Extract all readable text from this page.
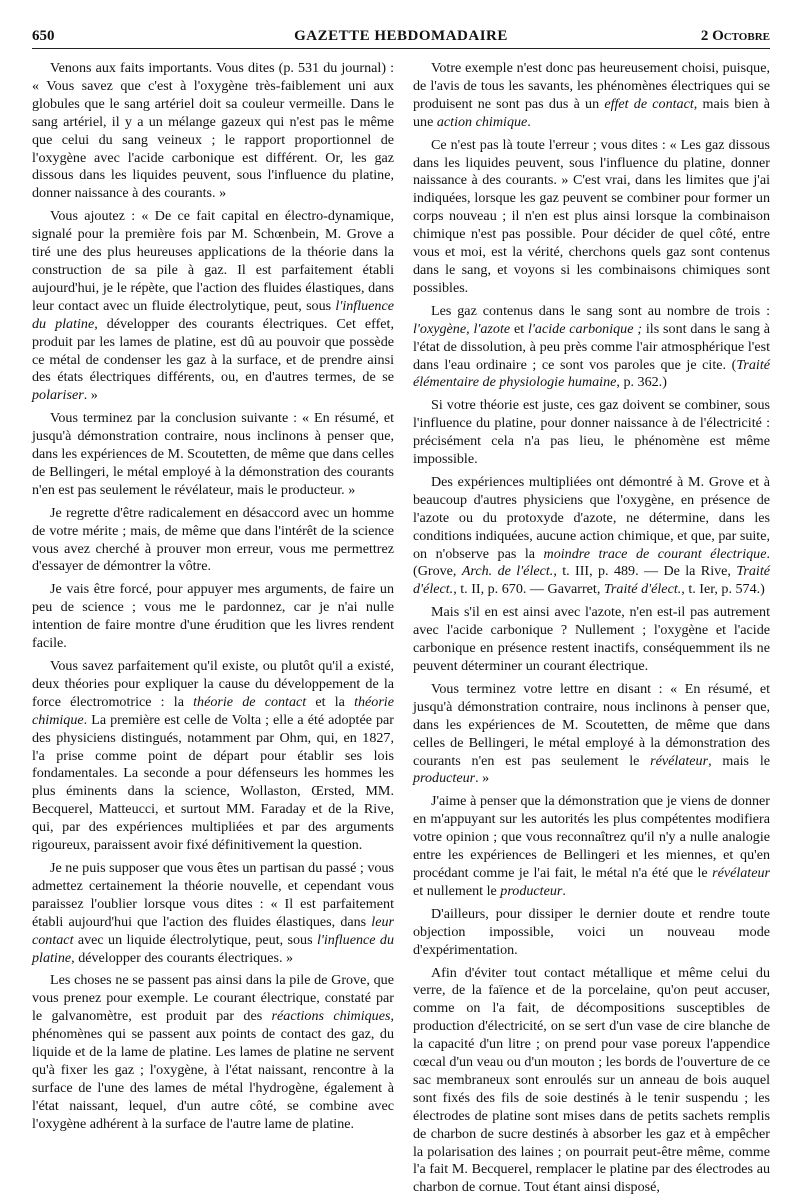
650	GAZETTE HEBDOMADAIRE	2 Octobre

Venons aux faits importants. Vous dites (p. 531 du journal) : « Vous savez que c'est à l'oxygène très-faiblement uni aux globules que le sang artériel doit sa couleur vermeille. Dans le sang artériel, il y a un mélange gazeux qui n'est pas le même que celui du sang veineux ; le rapport proportionnel de l'oxygène avec l'acide carbonique est différent. Or, les gaz dissous dans les liquides peuvent, sous l'influence du platine, donner naissance à des courants. »

Vous ajoutez : « De ce fait capital en électro-dynamique, signalé pour la première fois par M. Schœnbein, M. Grove a tiré une des plus heureuses applications de la théorie dans la construction de sa pile à gaz. Il est parfaitement établi aujourd'hui, je le répète, que l'action des fluides élastiques, dans leur contact avec un fluide électrolytique, peut, sous l'influence du platine, développer des courants électriques. Cet effet, produit par les lames de platine, est dû au pouvoir que possède ce métal de condenser les gaz à la surface, et de prendre ainsi des états électriques différents, ou, en d'autres termes, de se polariser. »

Vous terminez par la conclusion suivante : « En résumé, et jusqu'à démonstration contraire, nous inclinons à penser que, dans les expériences de M. Scoutetten, de même que dans celles de Bellingeri, le métal employé à la démonstration des courants n'en est pas seulement le révélateur, mais le producteur. »

Je regrette d'être radicalement en désaccord avec un homme de votre mérite ; mais, de même que dans l'intérêt de la science vous avez cherché à prouver mon erreur, vous me permettrez d'essayer de démontrer la vôtre.

Je vais être forcé, pour appuyer mes arguments, de faire un peu de science ; vous me le pardonnez, car je n'ai nulle intention de faire montre d'une érudition que les livres rendent facile.

Vous savez parfaitement qu'il existe, ou plutôt qu'il a existé, deux théories pour expliquer la cause du développement de la force électromotrice : la théorie de contact et la théorie chimique. La première est celle de Volta ; elle a été adoptée par des physiciens distingués, notamment par Ohm, qui, en 1827, l'a prise comme point de départ pour établir ses lois fondamentales. La seconde a pour défenseurs les hommes les plus éminents dans la science, Wollaston, Œrsted, MM. Becquerel, Matteucci, et surtout MM. Faraday et de la Rive, qui, par des expériences multipliées et par des arguments rigoureux, paraissent avoir fixé définitivement la question.

Je ne puis supposer que vous êtes un partisan du passé ; vous admettez certainement la théorie nouvelle, et cependant vous paraissez l'oublier lorsque vous dites : « Il est parfaitement établi aujourd'hui que l'action des fluides élastiques, dans leur contact avec un liquide électrolytique, peut, sous l'influence du platine, développer des courants électriques. »

Les choses ne se passent pas ainsi dans la pile de Grove, que vous prenez pour exemple. Le courant électrique, constaté par le galvanomètre, est produit par des réactions chimiques, phénomènes qui se passent aux points de contact des gaz, du liquide et de la lame de platine. Les lames de platine ne servent qu'à fixer les gaz ; l'oxygène, à l'état naissant, rencontre à la surface de l'une des lames de métal l'hydrogène, également à l'état naissant, lequel, d'un autre côté, se combine avec l'oxygène adhérent à la surface de l'autre lame de platine.

Votre exemple n'est donc pas heureusement choisi, puisque, de l'avis de tous les savants, les phénomènes électriques qui se produisent ne sont pas dus à un effet de contact, mais bien à une action chimique.

Ce n'est pas là toute l'erreur ; vous dites : « Les gaz dissous dans les liquides peuvent, sous l'influence du platine, donner naissance à des courants. » C'est vrai, dans les limites que j'ai indiquées, lorsque les gaz peuvent se combiner pour former un corps nouveau ; il n'en est plus ainsi lorsque la combinaison chimique n'est pas possible. Pour décider de quel côté, entre vous et moi, est la vérité, cherchons quels gaz sont contenus dans le sang, et voyons si les combinaisons chimiques sont possibles.

Les gaz contenus dans le sang sont au nombre de trois : l'oxygène, l'azote et l'acide carbonique ; ils sont dans le sang à l'état de dissolution, à peu près comme l'air atmosphérique l'est dans l'eau ordinaire ; ce sont vos paroles que je cite. (Traité élémentaire de physiologie humaine, p. 362.)

Si votre théorie est juste, ces gaz doivent se combiner, sous l'influence du platine, pour donner naissance à de l'électricité : précisément cela n'a pas lieu, le phénomène est même impossible.

Des expériences multipliées ont démontré à M. Grove et à beaucoup d'autres physiciens que l'oxygène, en présence de l'azote ou du protoxyde d'azote, ne détermine, dans les conditions indiquées, aucune action chimique, et que, par suite, on n'observe pas la moindre trace de courant électrique. (Grove, Arch. de l'élect., t. III, p. 489. — De la Rive, Traité d'élect., t. II, p. 670. — Gavarret, Traité d'élect., t. Ier, p. 574.)

Mais s'il en est ainsi avec l'azote, n'en est-il pas autrement avec l'acide carbonique ? Nullement ; l'oxygène et l'acide carbonique en présence restent inactifs, conséquemment ils ne peuvent déterminer un courant électrique.

Vous terminez votre lettre en disant : « En résumé, et jusqu'à démonstration contraire, nous inclinons à penser que, dans les expériences de M. Scoutetten, de même que dans celles de Bellingeri, le métal employé à la démonstration des courants n'en est pas seulement le révélateur, mais le producteur. »

J'aime à penser que la démonstration que je viens de donner en m'appuyant sur les autorités les plus compétentes modifiera votre opinion ; que vous reconnaîtrez qu'il n'y a nulle analogie entre les expériences de Bellingeri et les miennes, et qu'en procédant comme je l'ai fait, le métal n'a été que le révélateur et nullement le producteur.

D'ailleurs, pour dissiper le dernier doute et rendre toute objection impossible, voici un nouveau mode d'expérimentation.

Afin d'éviter tout contact métallique et même celui du verre, de la faïence et de la porcelaine, qu'on peut accuser, comme on l'a fait, de décompositions susceptibles de production d'électricité, on se sert d'un vase de cire blanche de la capacité d'un litre ; on prend pour vase poreux l'appendice cœcal d'un veau ou d'un mouton ; les bords de l'ouverture de ce sac membraneux sont enroulés sur un anneau de bois auquel sont fixés des fils de soie destinés à le tenir suspendu ; les électrodes de platine sont mises dans de petits sachets remplis de charbon de sucre destinés à absorber les gaz et à empêcher la polarisation des laines ; on pourrait peut-être même, comme l'a fait M. Becquerel, remplacer le platine par des électrodes au charbon de cornue. Tout étant ainsi disposé,
